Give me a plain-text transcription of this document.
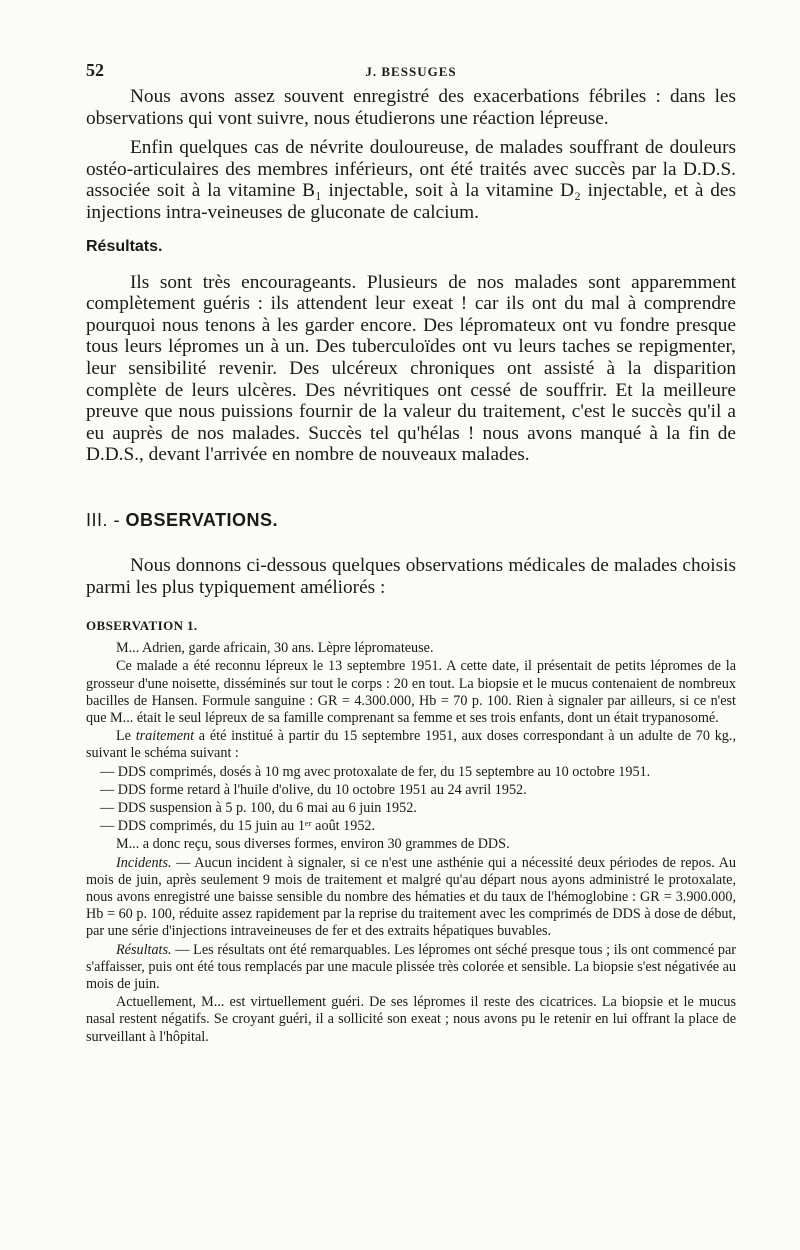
52	J. BESSUGES

Nous avons assez souvent enregistré des exacerbations fébriles : dans les observations qui vont suivre, nous étudierons une réaction lépreuse.

Enfin quelques cas de névrite douloureuse, de malades souffrant de douleurs ostéo-articulaires des membres inférieurs, ont été traités avec succès par la D.D.S. associée soit à la vitamine B₁ injectable, soit à la vitamine D₂ injectable, et à des injections intra-veineuses de gluconate de calcium.

Résultats.

Ils sont très encourageants. Plusieurs de nos malades sont apparemment complètement guéris : ils attendent leur exeat ! car ils ont du mal à comprendre pourquoi nous tenons à les garder encore. Des lépromateux ont vu fondre presque tous leurs lépromes un à un. Des tuberculoïdes ont vu leurs taches se repigmenter, leur sensibilité revenir. Des ulcéreux chroniques ont assisté à la disparition complète de leurs ulcères. Des névritiques ont cessé de souffrir. Et la meilleure preuve que nous puissions fournir de la valeur du traitement, c'est le succès qu'il a eu auprès de nos malades. Succès tel qu'hélas ! nous avons manqué à la fin de D.D.S., devant l'arrivée en nombre de nouveaux malades.

III. - OBSERVATIONS.

Nous donnons ci-dessous quelques observations médicales de malades choisis parmi les plus typiquement améliorés :

OBSERVATION 1.

M... Adrien, garde africain, 30 ans. Lèpre lépromateuse.

Ce malade a été reconnu lépreux le 13 septembre 1951. A cette date, il présentait de petits lépromes de la grosseur d'une noisette, disséminés sur tout le corps : 20 en tout. La biopsie et le mucus contenaient de nombreux bacilles de Hansen. Formule sanguine : GR = 4.300.000, Hb = 70 p. 100. Rien à signaler par ailleurs, si ce n'est que M... était le seul lépreux de sa famille comprenant sa femme et ses trois enfants, dont un était trypanosomé.

Le traitement a été institué à partir du 15 septembre 1951, aux doses correspondant à un adulte de 70 kg., suivant le schéma suivant :

— DDS comprimés, dosés à 10 mg avec protoxalate de fer, du 15 septembre au 10 octobre 1951.

— DDS forme retard à l'huile d'olive, du 10 octobre 1951 au 24 avril 1952.

— DDS suspension à 5 p. 100, du 6 mai au 6 juin 1952.

— DDS comprimés, du 15 juin au 1ᵉʳ août 1952.

M... a donc reçu, sous diverses formes, environ 30 grammes de DDS.

Incidents. — Aucun incident à signaler, si ce n'est une asthénie qui a nécessité deux périodes de repos. Au mois de juin, après seulement 9 mois de traitement et malgré qu'au départ nous ayons administré le protoxalate, nous avons enregistré une baisse sensible du nombre des hématies et du taux de l'hémoglobine : GR = 3.900.000, Hb = 60 p. 100, réduite assez rapidement par la reprise du traitement avec les comprimés de DDS à dose de début, par une série d'injections intraveineuses de fer et des extraits hépatiques buvables.

Résultats. — Les résultats ont été remarquables. Les lépromes ont séché presque tous ; ils ont commencé par s'affaisser, puis ont été tous remplacés par une macule plissée très colorée et sensible. La biopsie s'est négativée au mois de juin.

Actuellement, M... est virtuellement guéri. De ses lépromes il reste des cicatrices. La biopsie et le mucus nasal restent négatifs. Se croyant guéri, il a sollicité son exeat ; nous avons pu le retenir en lui offrant la place de surveillant à l'hôpital.
